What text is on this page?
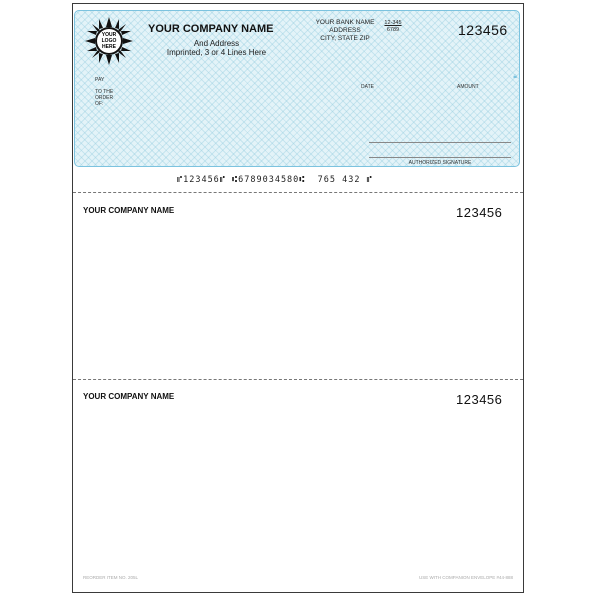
YOUR
LOGO
HERE
YOUR COMPANY NAME
And Address
Imprinted, 3 or 4 Lines Here
YOUR BANK NAME
ADDRESS
CITY, STATE ZIP
12-345
6789	123456
PAY
TO THE
ORDER
OF:
DATE	AMOUNT
🔒︎
AUTHORIZED SIGNATURE
⑈123456⑈ ⑆6789034580⑆  765 432 ⑈
YOUR COMPANY NAME	123456
YOUR COMPANY NAME	123456
REORDER ITEM NO. 205L	USE WITH COMPANION ENVELOPE #44-888
